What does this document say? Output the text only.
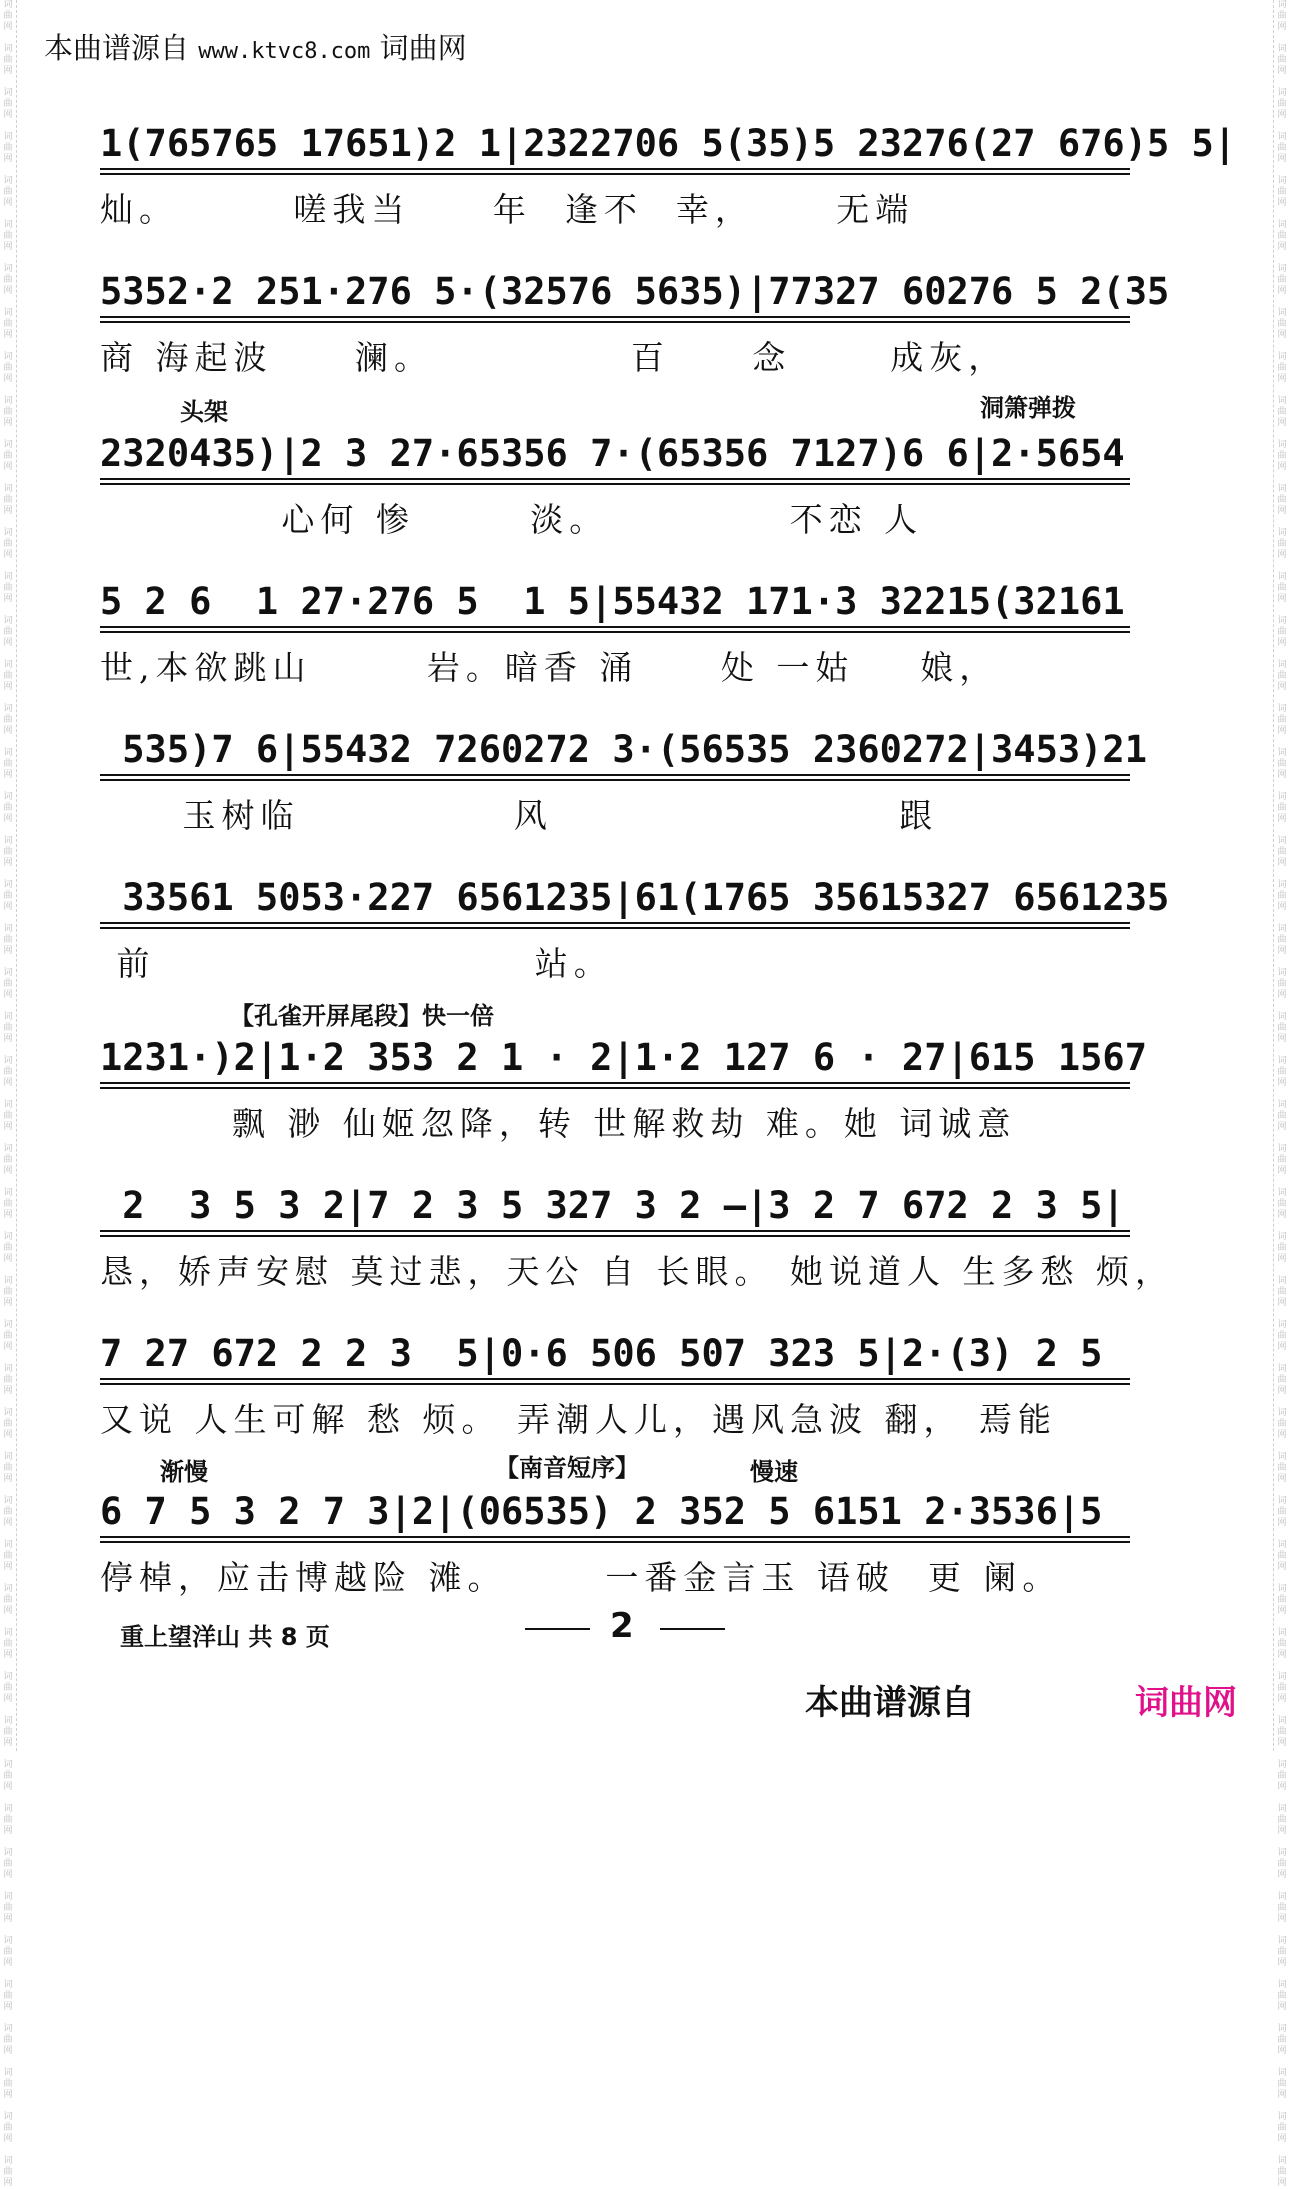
词
曲
网

词
曲
网

词
曲
网

词
曲
网

词
曲
网

词
曲
网

词
曲
网

词
曲
网

词
曲
网

词
曲
网

词
曲
网

词
曲
网

词
曲
网

词
曲
网

词
曲
网

词
曲
网

词
曲
网

词
曲
网

词
曲
网

词
曲
网

词
曲
网

词
曲
网

词
曲
网

词
曲
网

词
曲
网

词
曲
网

词
曲
网

词
曲
网

词
曲
网

词
曲
网

词
曲
网

词
曲
网

词
曲
网

词
曲
网

词
曲
网

词
曲
网

词
曲
网

词
曲
网

词
曲
网

词
曲
网

词
曲
网

词
曲
网

词
曲
网

词
曲
网

词
曲
网

词
曲
网

词
曲
网

词
曲
网

词
曲
网

词
曲
网

词
曲
网

词
曲
网

词
曲
网

词
曲
网

词
曲
网

词
曲
网

词
曲
网

词
曲
网

词
曲
网

词
曲
网

词
曲
网

词
曲
网

词
曲
网

词
曲
网

词
曲
网

词
曲
网

词
曲
网

词
曲
网

词
曲
网

词
曲
网

词
曲
网

词
曲
网

词
曲
网

词
曲
网

词
曲
网

词
曲
网

词
曲
网

词
曲
网

词
曲
网

词
曲
网

词
曲
网

词
曲
网

词
曲
网

词
曲
网

词
曲
网

词
曲
网

词
曲
网

词
曲
网

词
曲
网

词
曲
网

词
曲
网

词
曲
网

词
曲
网

词
曲
网

词
曲
网

词
曲
网

词
曲
网

词
曲
网

词
曲
网

词
曲
网

本曲谱源自 www.ktvc8.com 词曲网
1(765765 17651)2 1|2322706 5(35)5 23276(27 676)5 5|
灿。       嗟我当     年  逢不  幸，     无端
5352·2 251·276 5·(32576 5635)|77327 60276 5 2(35
商 海起波     澜。            百     念      成灰，
头架	洞箫弹拨
2320435)|2 3 27·65356 7·(65356 7127)6 6|2·5654
心何 惨       淡。           不恋 人
5 2 6  1 27·276 5  1 5|55432 171·3 32215(32161
世,本欲跳山       岩。暗香 涌     处 一姑    娘，
535)7 6|55432 7260272 3·(56535 2360272|3453)21
玉树临             风                     跟
33561 5053·227 6561235|61(1765 35615327 6561235
前                       站。
【孔雀开屏尾段】快一倍
1231·)2|1·2 353 2 1 · 2|1·2 127 6 · 27|615 1567
飘 渺 仙姬忽降，转 世解救劫 难。她 词诚意
2  3 5 3 2|7 2 3 5 327 3 2 —|3 2 7 672 2 3 5|
恳，娇声安慰 莫过悲，天公 自 长眼。 她说道人 生多愁 烦，
7 27 672 2 2 3  5|0·6 506 507 323 5|2·(3) 2 5
又说 人生可解 愁 烦。 弄潮人儿，遇风急波 翻， 焉能
渐慢	【南音短序】	慢速
6 7 5 3 2 7 3|2|(06535) 2 352 5 6151 2·3536|5
停棹，应击博越险 滩。      一番金言玉 语破  更 阑。
重上望洋山 共 8 页	2
本曲谱源自	词曲网
